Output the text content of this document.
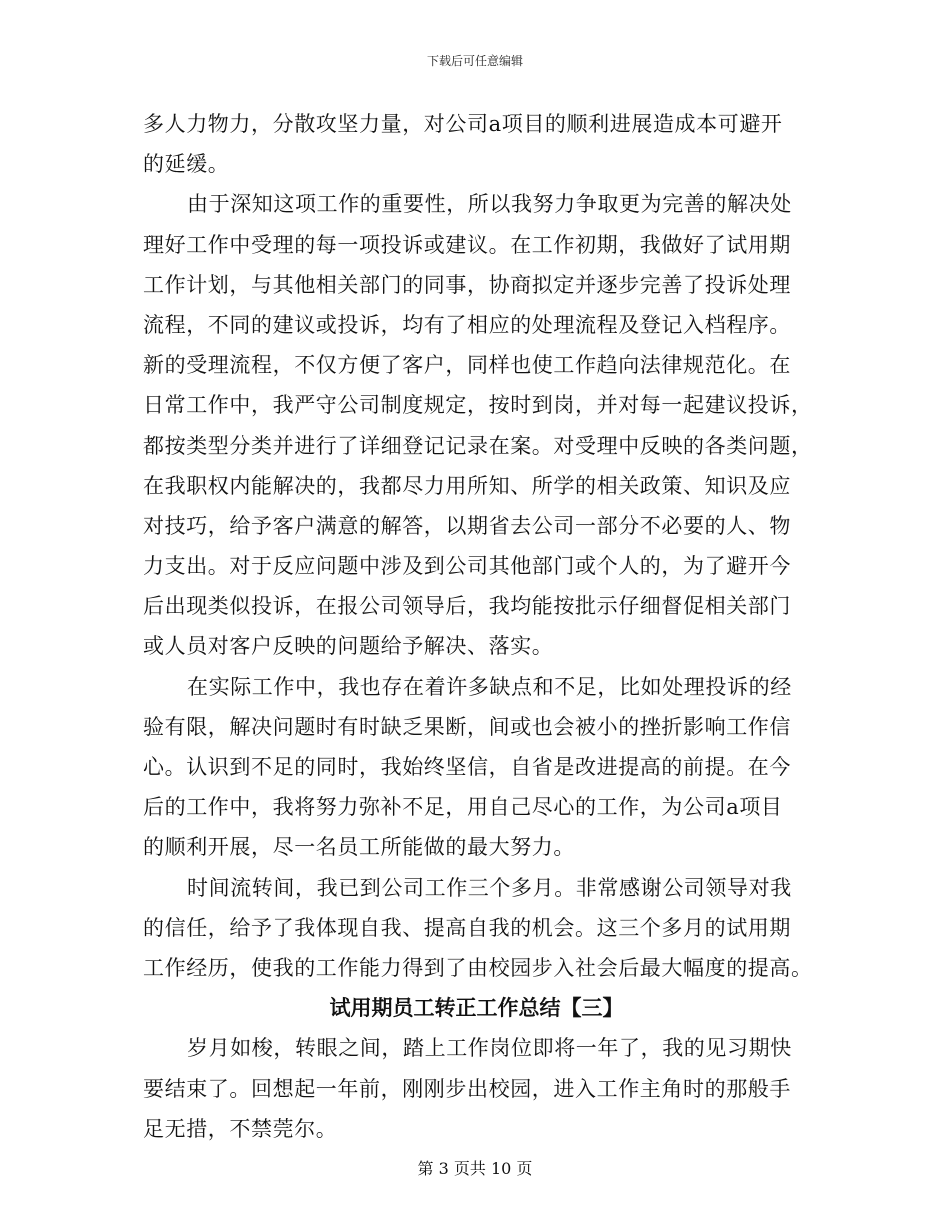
下载后可任意编辑
多人力物力，分散攻坚力量，对公司a项目的顺利进展造成本可避开
的延缓。
由于深知这项工作的重要性，所以我努力争取更为完善的解决处
理好工作中受理的每一项投诉或建议。在工作初期，我做好了试用期
工作计划，与其他相关部门的同事，协商拟定并逐步完善了投诉处理
流程，不同的建议或投诉，均有了相应的处理流程及登记入档程序。
新的受理流程，不仅方便了客户，同样也使工作趋向法律规范化。在
日常工作中，我严守公司制度规定，按时到岗，并对每一起建议投诉，
都按类型分类并进行了详细登记记录在案。对受理中反映的各类问题，
在我职权内能解决的，我都尽力用所知、所学的相关政策、知识及应
对技巧，给予客户满意的解答，以期省去公司一部分不必要的人、物
力支出。对于反应问题中涉及到公司其他部门或个人的，为了避开今
后出现类似投诉，在报公司领导后，我均能按批示仔细督促相关部门
或人员对客户反映的问题给予解决、落实。
在实际工作中，我也存在着许多缺点和不足，比如处理投诉的经
验有限，解决问题时有时缺乏果断，间或也会被小的挫折影响工作信
心。认识到不足的同时，我始终坚信，自省是改进提高的前提。在今
后的工作中，我将努力弥补不足，用自己尽心的工作，为公司a项目
的顺利开展，尽一名员工所能做的最大努力。
时间流转间，我已到公司工作三个多月。非常感谢公司领导对我
的信任，给予了我体现自我、提高自我的机会。这三个多月的试用期
工作经历，使我的工作能力得到了由校园步入社会后最大幅度的提高。
试用期员工转正工作总结【三】
岁月如梭，转眼之间，踏上工作岗位即将一年了，我的见习期快
要结束了。回想起一年前，刚刚步出校园，进入工作主角时的那般手
足无措，不禁莞尔。
第 3 页共 10 页
